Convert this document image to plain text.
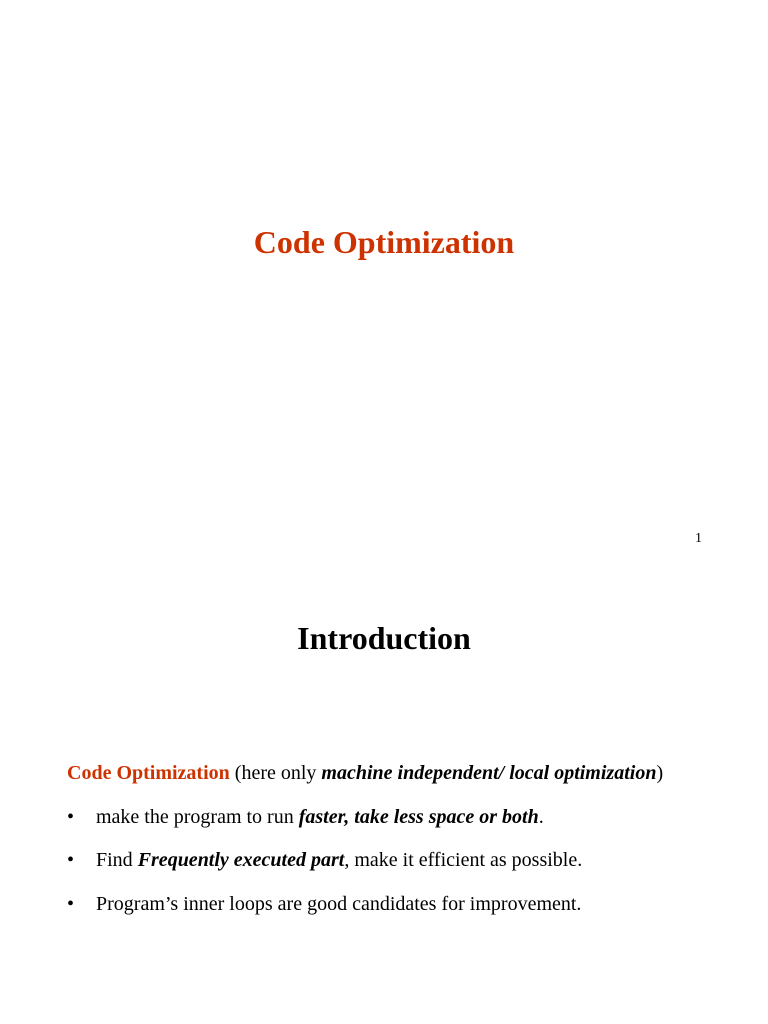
Code Optimization
1
Introduction
Code Optimization (here only machine independent/ local optimization)
• make the program to run faster, take less space or both.
• Find Frequently executed part, make it efficient as possible.
• Program’s inner loops are good candidates for improvement.
